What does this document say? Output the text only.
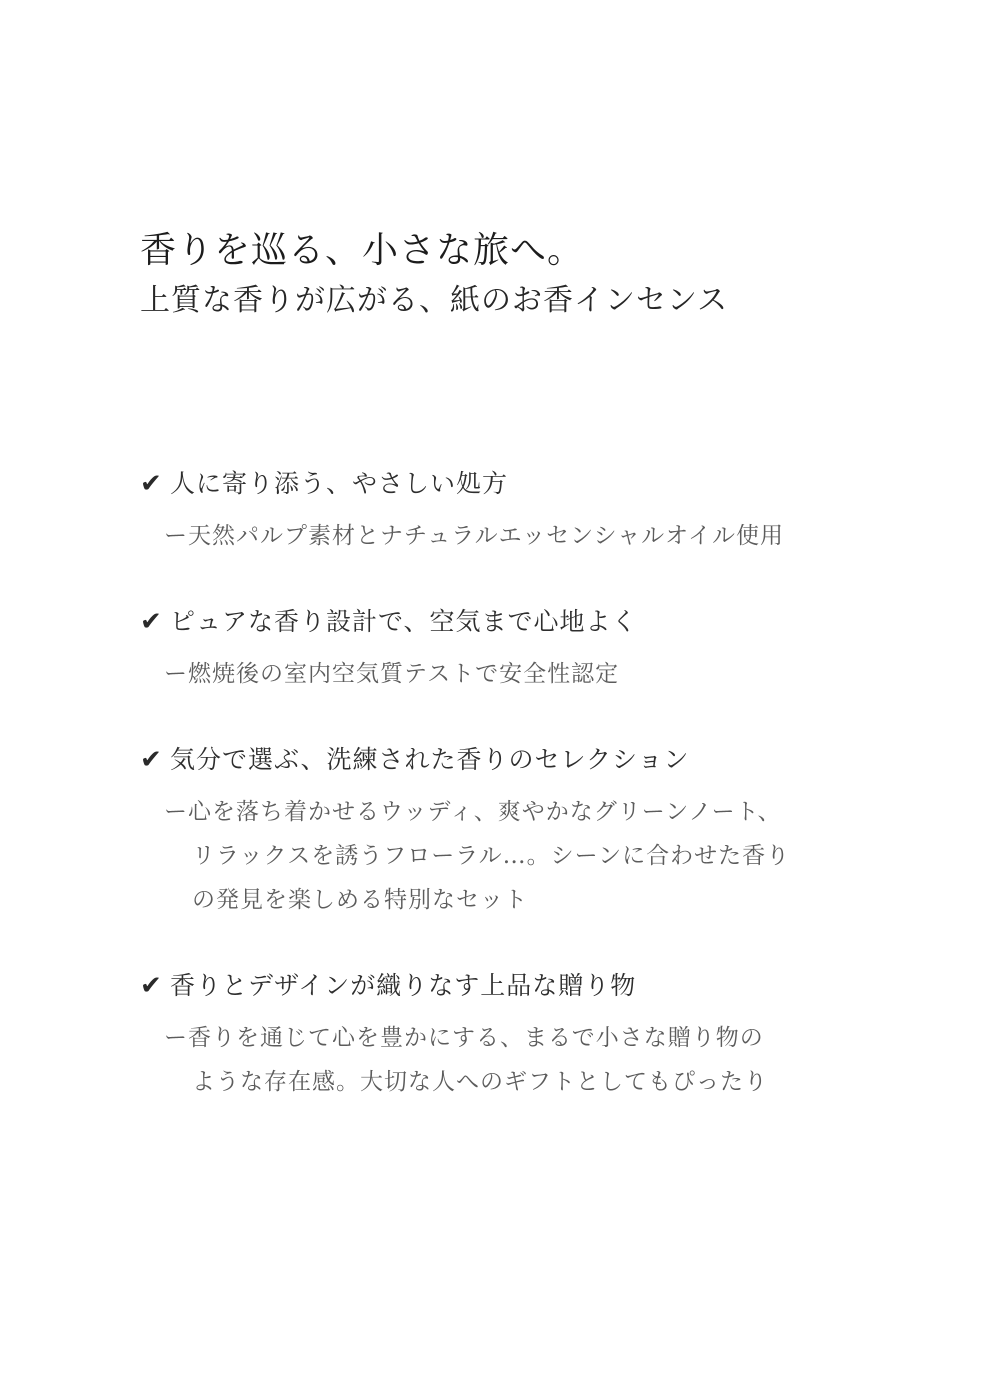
香りを巡る、小さな旅へ。
上質な香りが広がる、紙のお香インセンス
✔ 人に寄り添う、やさしい処方
ー天然パルプ素材とナチュラルエッセンシャルオイル使用
✔ ピュアな香り設計で、空気まで心地よく
ー燃焼後の室内空気質テストで安全性認定
✔ 気分で選ぶ、洗練された香りのセレクション
ー心を落ち着かせるウッディ、爽やかなグリーンノート、
リラックスを誘うフローラル…。シーンに合わせた香り
の発見を楽しめる特別なセット
✔ 香りとデザインが織りなす上品な贈り物
ー香りを通じて心を豊かにする、まるで小さな贈り物の
ような存在感。大切な人へのギフトとしてもぴったり
